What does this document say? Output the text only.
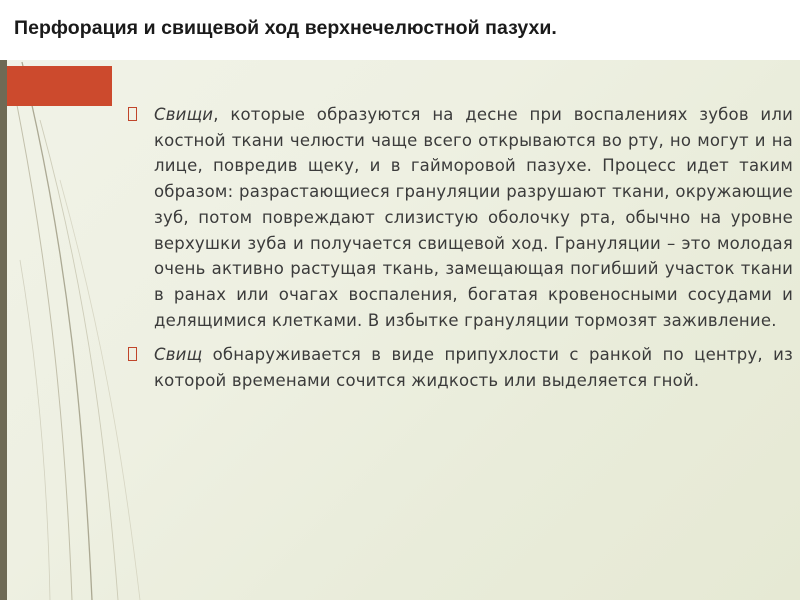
Перфорация и свищевой ход верхнечелюстной пазухи.
Свищи, которые образуются на десне при воспалениях зубов или костной ткани челюсти чаще всего открываются во рту, но могут и на лице, повредив щеку, и в гайморовой пазухе. Процесс идет таким образом: разрастающиеся грануляции разрушают ткани, окружающие зуб, потом повреждают слизистую оболочку рта, обычно на уровне верхушки зуба и получается свищевой ход. Грануляции – это молодая очень активно растущая ткань, замещающая погибший участок ткани в ранах или очагах воспаления, богатая кровеносными сосудами и делящимися клетками. В избытке грануляции тормозят заживление.
Свищ обнаруживается в виде припухлости с ранкой по центру, из которой временами сочится жидкость или выделяется гной.
